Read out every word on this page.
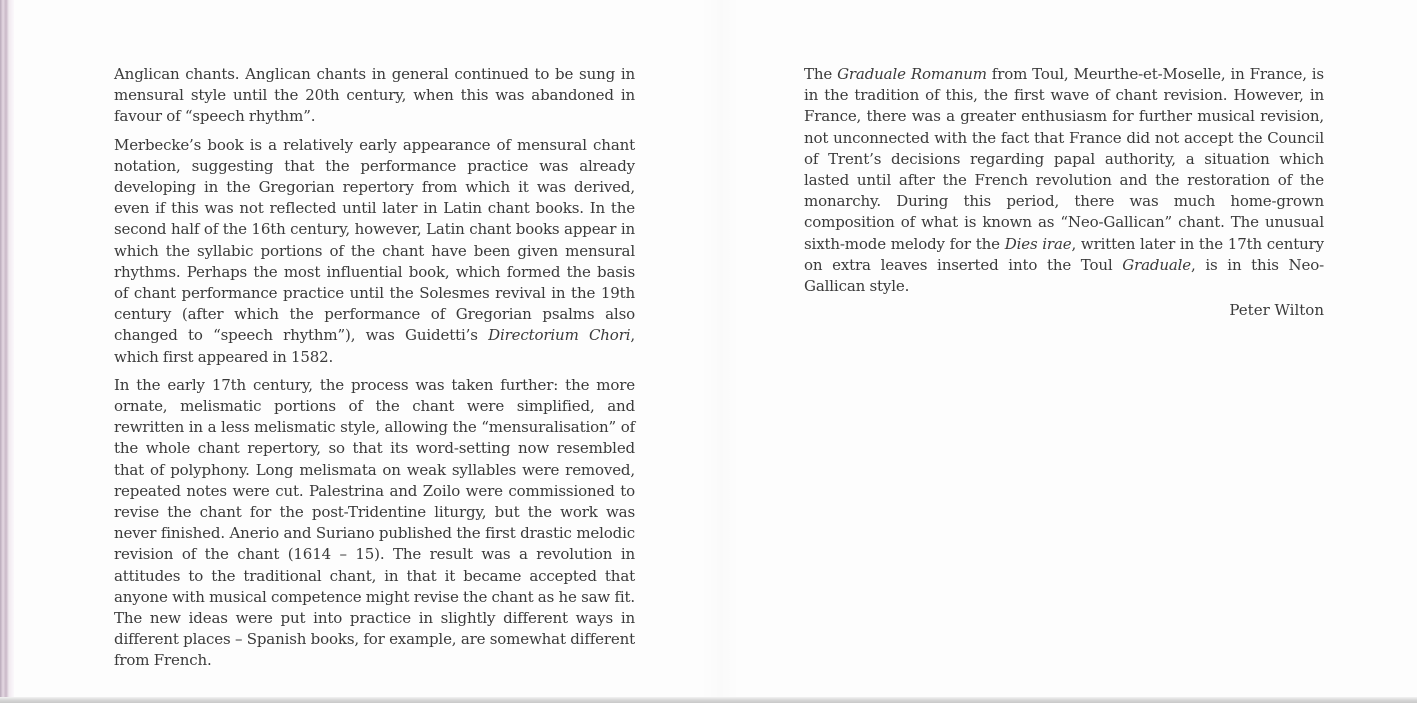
Anglican chants. Anglican chants in general continued to be sung in mensural style until the 20th century, when this was abandoned in favour of “speech rhythm”.

Merbecke’s book is a relatively early appearance of mensural chant notation, suggesting that the performance practice was already developing in the Gregorian repertory from which it was derived, even if this was not reflected until later in Latin chant books. In the second half of the 16th century, however, Latin chant books appear in which the syllabic portions of the chant have been given mensural rhythms. Perhaps the most influential book, which formed the basis of chant performance practice until the Solesmes revival in the 19th century (after which the performance of Gregorian psalms also changed to “speech rhythm”), was Guidetti’s Directorium Chori, which first appeared in 1582.

In the early 17th century, the process was taken further: the more ornate, melismatic portions of the chant were simplified, and rewritten in a less melismatic style, allowing the “mensuralisation” of the whole chant repertory, so that its word-setting now resembled that of polyphony. Long melismata on weak syllables were removed, repeated notes were cut. Palestrina and Zoilo were commissioned to revise the chant for the post-Tridentine liturgy, but the work was never finished. Anerio and Suriano published the first drastic melodic revision of the chant (1614 – 15). The result was a revolution in attitudes to the traditional chant, in that it became accepted that anyone with musical competence might revise the chant as he saw fit. The new ideas were put into practice in slightly different ways in different places – Spanish books, for example, are somewhat different from French.

The Graduale Romanum from Toul, Meurthe-et-Moselle, in France, is in the tradition of this, the first wave of chant revision. However, in France, there was a greater enthusiasm for further musical revision, not unconnected with the fact that France did not accept the Council of Trent’s decisions regarding papal authority, a situation which lasted until after the French revolution and the restoration of the monarchy. During this period, there was much home-grown composition of what is known as “Neo-Gallican” chant. The unusual sixth-mode melody for the Dies irae, written later in the 17th century on extra leaves inserted into the Toul Graduale, is in this Neo-Gallican style.

Peter Wilton
